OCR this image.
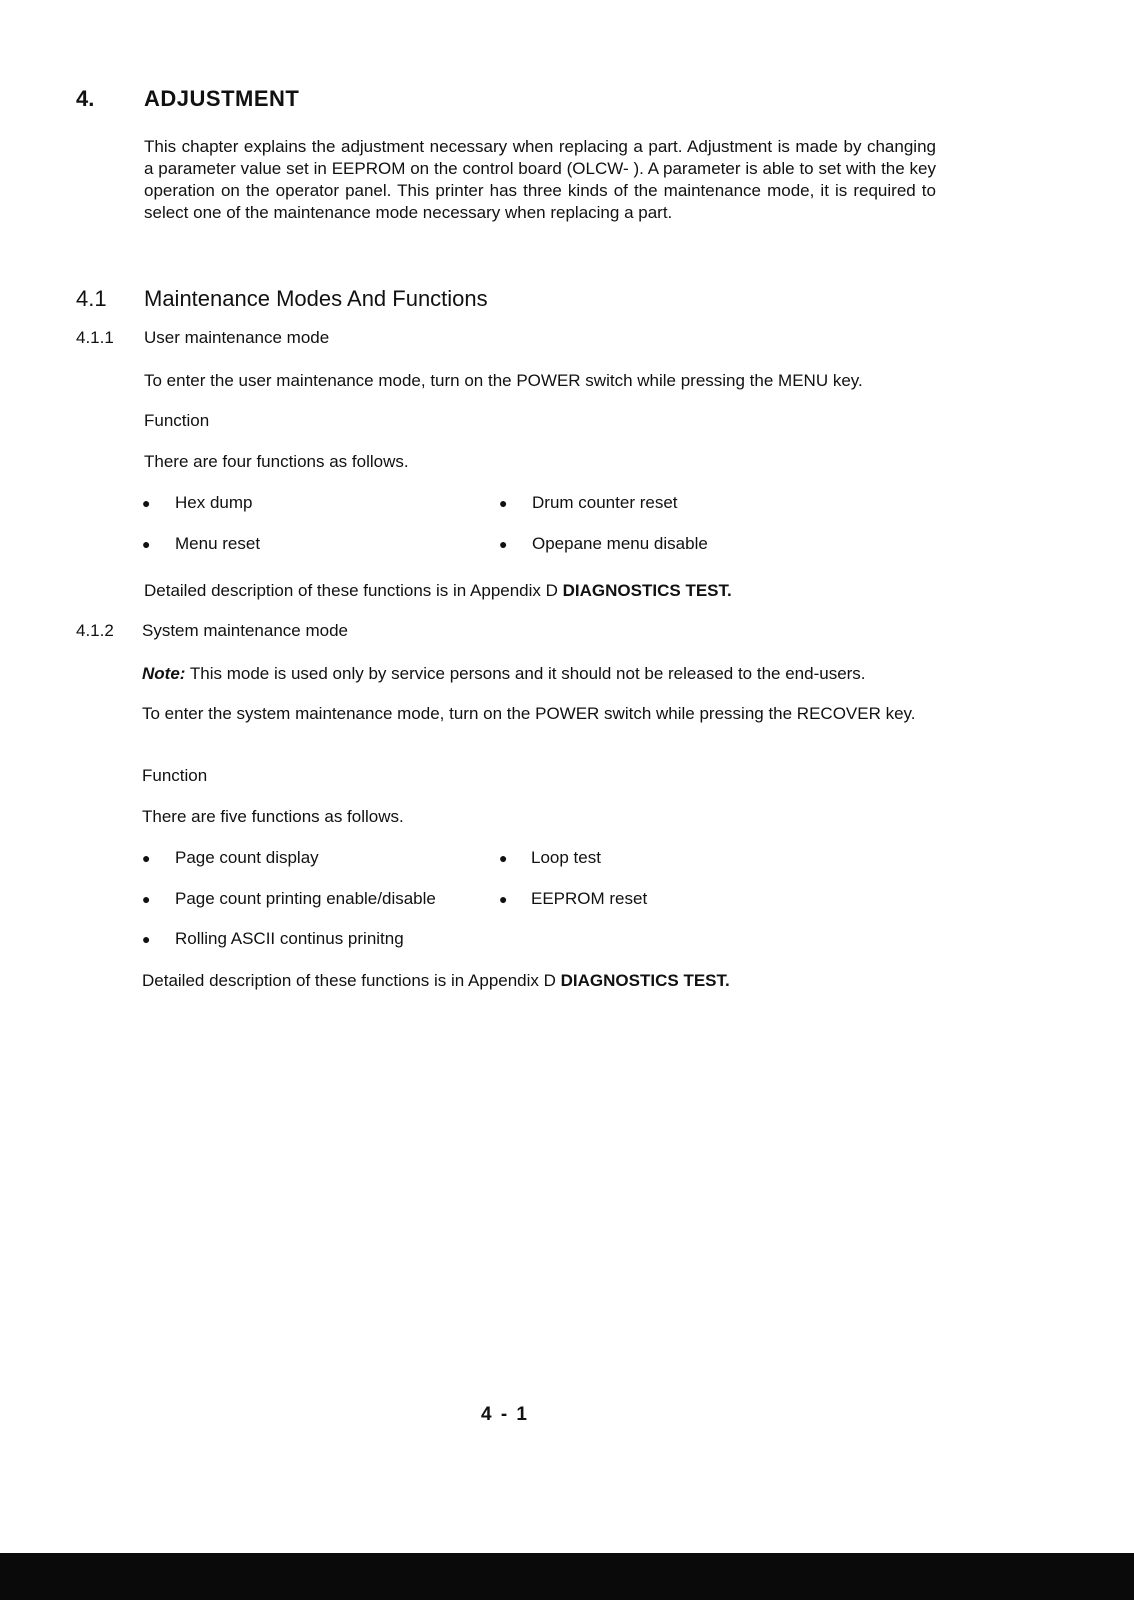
4. ADJUSTMENT
This chapter explains the adjustment necessary when replacing a part. Adjustment is made by changing a parameter value set in EEPROM on the control board (OLCW- ). A parameter is able to set with the key operation on the operator panel. This printer has three kinds of the maintenance mode, it is required to select one of the maintenance mode necessary when replacing a part.
4.1 Maintenance Modes And Functions
4.1.1 User maintenance mode
To enter the user maintenance mode, turn on the POWER switch while pressing the MENU key.
Function
There are four functions as follows.
● Hex dump	● Drum counter reset
● Menu reset	● Opepane menu disable
Detailed description of these functions is in Appendix D DIAGNOSTICS TEST.
4.1.2 System maintenance mode
Note: This mode is used only by service persons and it should not be released to the end-users.
To enter the system maintenance mode, turn on the POWER switch while pressing the RECOVER key.
Function
There are five functions as follows.
● Page count display	● Loop test
● Page count printing enable/disable	● EEPROM reset
● Rolling ASCII continus prinitng
Detailed description of these functions is in Appendix D DIAGNOSTICS TEST.
4 - 1
